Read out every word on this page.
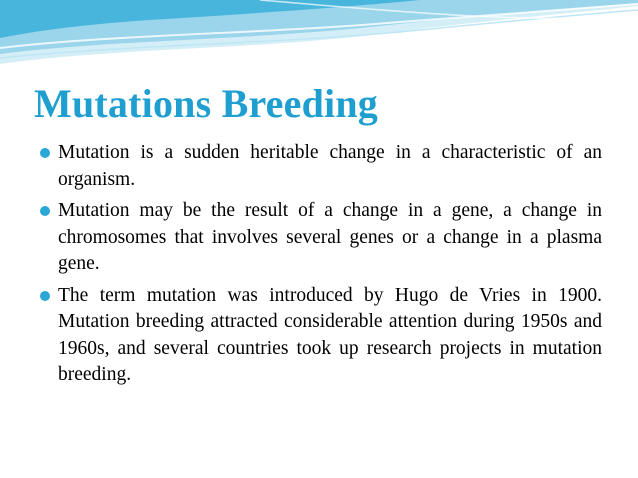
Mutations Breeding
Mutation is a sudden heritable change in a characteristic of an organism.
Mutation may be the result of a change in a gene, a change in chromosomes that involves several genes or a change in a plasma gene.
The term mutation was introduced by Hugo de Vries in 1900. Mutation breeding attracted considerable attention during 1950s and 1960s, and several countries took up research projects in mutation breeding.
